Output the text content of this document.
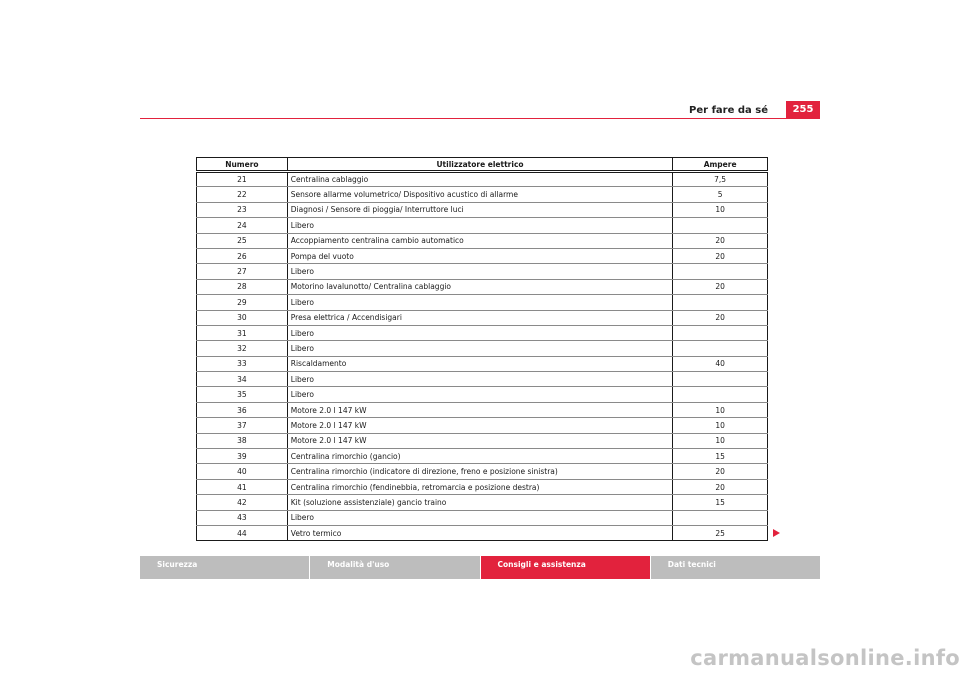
Per fare da sé	255
Numero	Utilizzatore elettrico	Ampere
21	Centralina cablaggio	7,5
22	Sensore allarme volumetrico/ Dispositivo acustico di allarme	5
23	Diagnosi / Sensore di pioggia/ Interruttore luci	10
24	Libero	
25	Accoppiamento centralina cambio automatico	20
26	Pompa del vuoto	20
27	Libero	
28	Motorino lavalunotto/ Centralina cablaggio	20
29	Libero	
30	Presa elettrica / Accendisigari	20
31	Libero	
32	Libero	
33	Riscaldamento	40
34	Libero	
35	Libero	
36	Motore 2.0 l 147 kW	10
37	Motore 2.0 l 147 kW	10
38	Motore 2.0 l 147 kW	10
39	Centralina rimorchio (gancio)	15
40	Centralina rimorchio (indicatore di direzione, freno e posizione sinistra)	20
41	Centralina rimorchio (fendinebbia, retromarcia e posizione destra)	20
42	Kit (soluzione assistenziale) gancio traino	15
43	Libero	
44	Vetro termico	25
Sicurezza	Modalità d'uso	Consigli e assistenza	Dati tecnici
carmanualsonline.info
